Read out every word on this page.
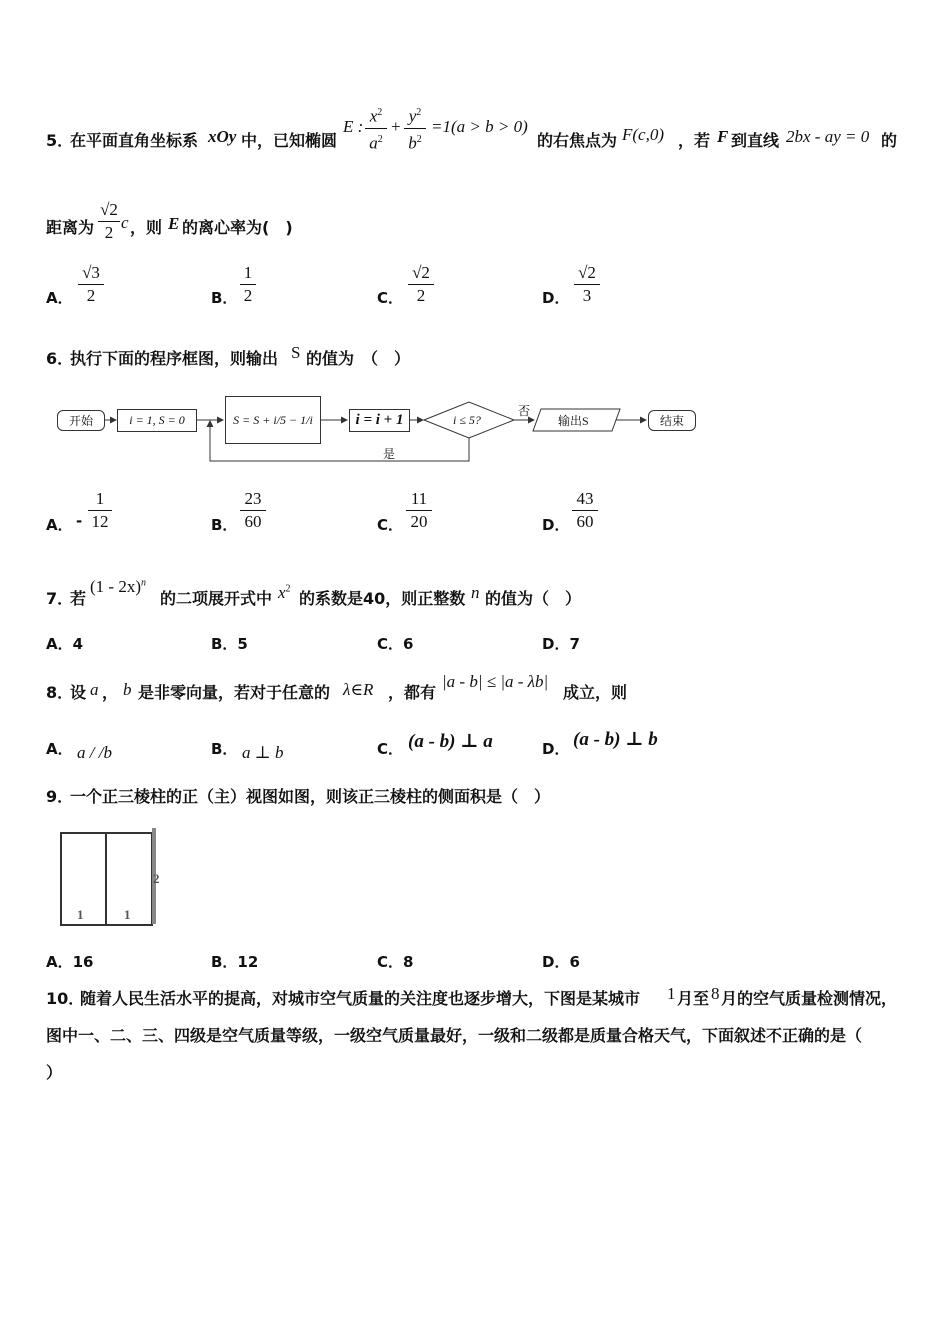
5．
在平面直角坐标系 xOy 中，已知椭圆
E :
$x^2$
$a^2$
+
$y^2$
$b^2$
=1(a > b > 0)
的右焦点为 F(c,0) ，若 F 到直线 2bx - ay = 0 的
距离为
√2
2
c ，则 E 的离心率为(　)
A．
√3
2	B．
1
2	C．
√2
2	D．
√2
3
6．
执行下面的程序框图，则输出 S 的值为　（　）
开始	i = 1, S = 0	S = S + i/5 − 1/i	i = i + 1	i ≤ 5?
否
是
输出S	结束
A． -
1
12	B．
23
60	C．
11
20	D．
43
60
7．
若
(1 - 2x)$^n$
的二项展开式中 $x^2$
的系数是40，则正整数 n 的值为（　）
A．4	B．5	C．6	D．7
8．
设 a ， b 是非零向量，若对于任意的 λ∈R ，都有
|a - b| ≤ |a - λb|
成立，则
A． a / /b	B． a ⊥ b	C． (a - b) ⊥ a	D． (a - b) ⊥ b
9．
一个正三棱柱的正（主）视图如图，则该正三棱柱的侧面积是（　）
2
1	1
A．16	B．12	C．8	D．6
10．
随着人民生活水平的提高，对城市空气质量的关注度也逐步增大，下图是某城市 1 月至 8 月的空气质量检测情况，
图中一、二、三、四级是空气质量等级，一级空气质量最好，一级和二级都是质量合格天气，下面叙述不正确的是（
）
